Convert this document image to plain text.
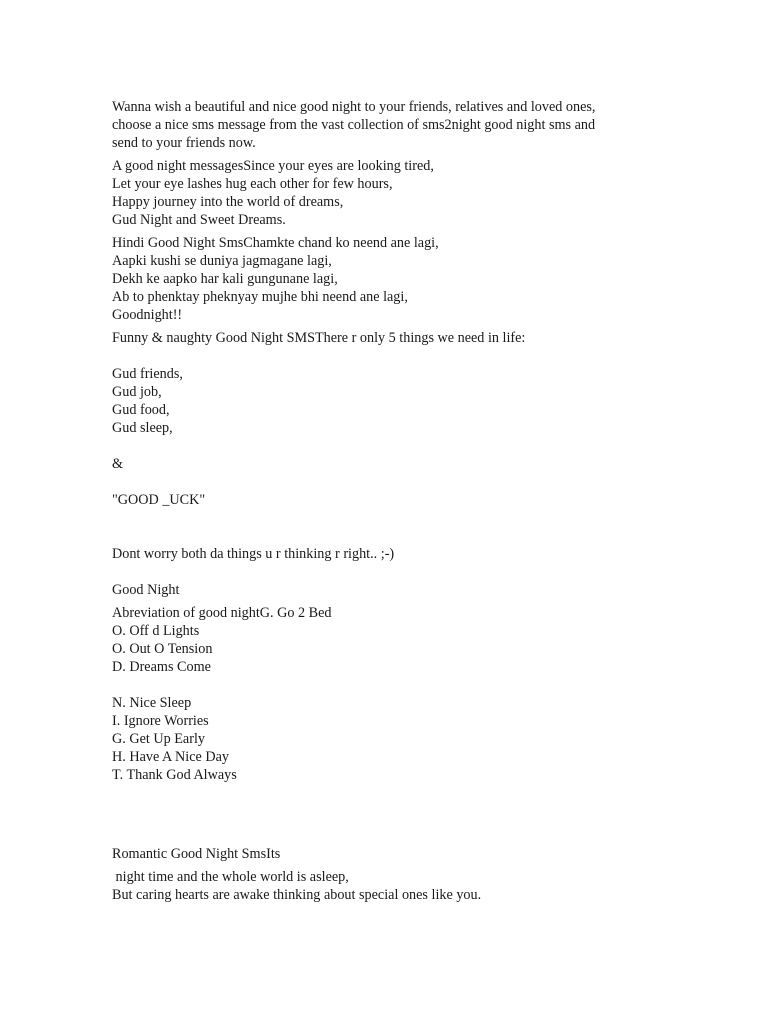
Wanna wish a beautiful and nice good night to your friends, relatives and loved ones,
choose a nice sms message from the vast collection of sms2night good night sms and
send to your friends now.
A good night messagesSince your eyes are looking tired,
Let your eye lashes hug each other for few hours,
Happy journey into the world of dreams,
Gud Night and Sweet Dreams.
Hindi Good Night SmsChamkte chand ko neend ane lagi,
Aapki kushi se duniya jagmagane lagi,
Dekh ke aapko har kali gungunane lagi,
Ab to phenktay pheknyay mujhe bhi neend ane lagi,
Goodnight!!
Funny & naughty Good Night SMSThere r only 5 things we need in life:
Gud friends,
Gud job,
Gud food,
Gud sleep,
&
"GOOD _UCK"
Dont worry both da things u r thinking r right.. ;-)
Good Night
Abreviation of good nightG. Go 2 Bed
O. Off d Lights
O. Out O Tension
D. Dreams Come
N. Nice Sleep
I. Ignore Worries
G. Get Up Early
H. Have A Nice Day
T. Thank God Always
Romantic Good Night SmsIts
night time and the whole world is asleep,
But caring hearts are awake thinking about special ones like you.
